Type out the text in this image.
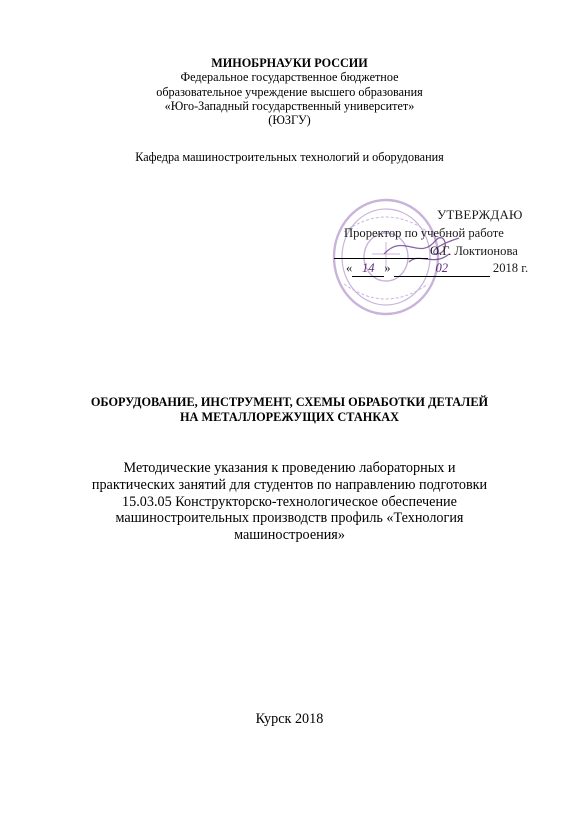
МИНОБРНАУКИ РОССИИ
Федеральное государственное бюджетное
образовательное учреждение высшего образования
«Юго-Западный государственный университет»
(ЮЗГУ)
Кафедра машиностроительных технологий и оборудования
УТВЕРЖДАЮ
Проректор по учебной работе
О.Г. Локтионова
« 14 »	02	2018 г.
ОБОРУДОВАНИЕ, ИНСТРУМЕНТ, СХЕМЫ ОБРАБОТКИ ДЕТАЛЕЙ
НА МЕТАЛЛОРЕЖУЩИХ СТАНКАХ
Методические указания к проведению лабораторных и
практических занятий для студентов по направлению подготовки
15.03.05 Конструкторско-технологическое обеспечение
машиностроительных производств профиль «Технология
машиностроения»
Курск 2018
